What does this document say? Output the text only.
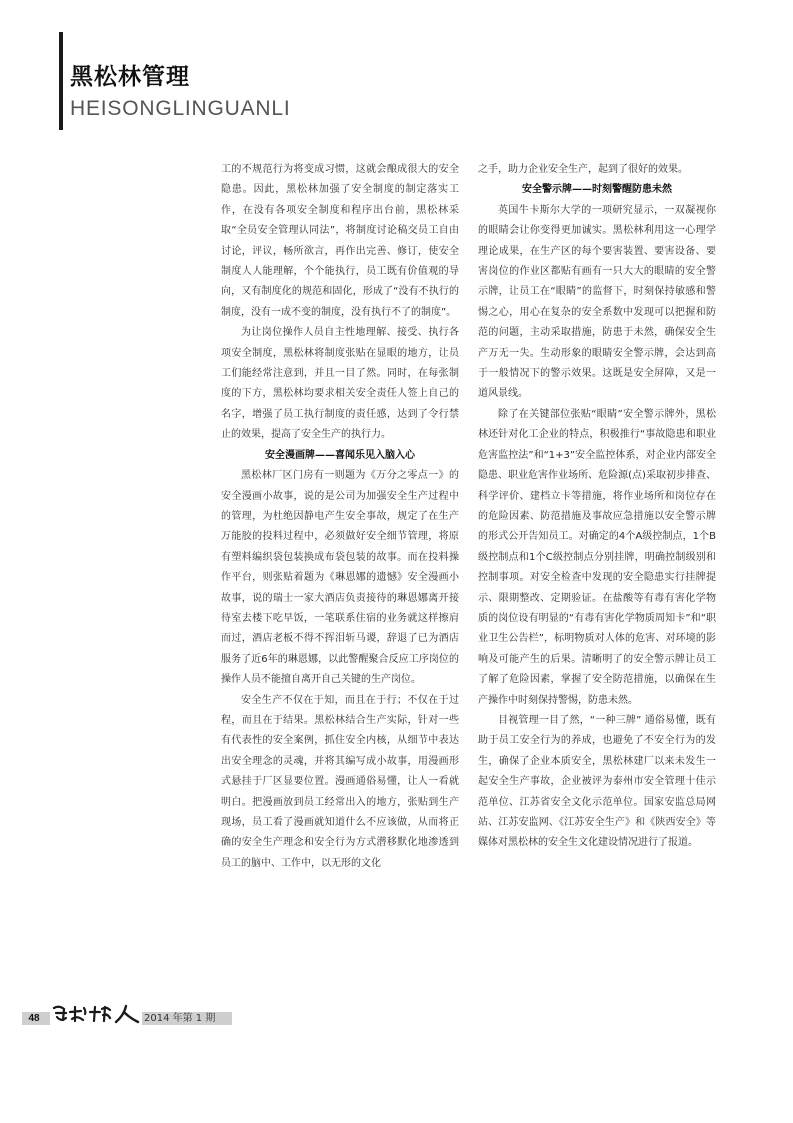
黑松林管理
HEISONGLINGUANLI

工的不规范行为将变成习惯，这就会酿成很大的安全隐患。因此，黑松林加强了安全制度的制定落实工作，在没有各项安全制度和程序出台前，黑松林采取“全员安全管理认同法”，将制度讨论稿交员工自由讨论，评议，畅所欲言，再作出完善、修订，使安全制度人人能理解，个个能执行，员工既有价值观的导向，又有制度化的规范和固化，形成了“没有不执行的制度，没有一成不变的制度，没有执行不了的制度”。

为让岗位操作人员自主性地理解、接受、执行各项安全制度，黑松林将制度张贴在显眼的地方，让员工们能经常注意到，并且一目了然。同时，在每张制度的下方，黑松林均要求相关安全责任人签上自己的名字，增强了员工执行制度的责任感，达到了令行禁止的效果，提高了安全生产的执行力。

安全漫画牌——喜闻乐见入脑入心

黑松林厂区门房有一则题为《万分之零点一》的安全漫画小故事，说的是公司为加强安全生产过程中的管理，为杜绝因静电产生安全事故，规定了在生产万能胶的投料过程中，必须做好安全细节管理，将原有塑料编织袋包装换成布袋包装的故事。而在投料操作平台，则张贴着题为《琳恩娜的遗憾》安全漫画小故事，说的瑞士一家大酒店负责接待的琳恩娜离开接待室去楼下吃早饭，一笔联系住宿的业务就这样擦肩而过，酒店老板不得不挥泪斩马谡，辞退了已为酒店服务了近6年的琳恩娜，以此警醒聚合反应工序岗位的操作人员不能擅自离开自己关键的生产岗位。

安全生产不仅在于知，而且在于行；不仅在于过程，而且在于结果。黑松林结合生产实际，针对一些有代表性的安全案例，抓住安全内核，从细节中表达出安全理念的灵魂，并将其编写成小故事，用漫画形式悬挂于厂区显要位置。漫画通俗易懂，让人一看就明白。把漫画放到员工经常出入的地方，张贴到生产现场，员工看了漫画就知道什么不应该做，从而将正确的安全生产理念和安全行为方式潜移默化地渗透到员工的脑中、工作中，以无形的文化

之手，助力企业安全生产，起到了很好的效果。

安全警示牌——时刻警醒防患未然

英国牛卡斯尔大学的一项研究显示，一双凝视你的眼睛会让你变得更加诚实。黑松林利用这一心理学理论成果，在生产区的每个要害装置、要害设备、要害岗位的作业区都贴有画有一只大大的眼睛的安全警示牌，让员工在“眼睛”的监督下，时刻保持敏感和警惕之心，用心在复杂的安全系数中发现可以把握和防范的问题，主动采取措施，防患于未然，确保安全生产万无一失。生动形象的眼睛安全警示牌，会达到高于一般情况下的警示效果。这既是安全屏障，又是一道风景线。

除了在关键部位张贴“眼睛”安全警示牌外，黑松林还针对化工企业的特点，积极推行“事故隐患和职业危害监控法”和“1+3”安全监控体系，对企业内部安全隐患、职业危害作业场所、危险源(点)采取初步排查、科学评价、建档立卡等措施，将作业场所和岗位存在的危险因素、防范措施及事故应急措施以安全警示牌的形式公开告知员工。对确定的4个A级控制点，1个B级控制点和1个C级控制点分别挂牌，明确控制级别和控制事项。对安全检查中发现的安全隐患实行挂牌提示、限期整改、定期验证。在盐酸等有毒有害化学物质的岗位设有明显的“有毒有害化学物质周知卡”和“职业卫生公告栏”，标明物质对人体的危害、对环境的影响及可能产生的后果。清晰明了的安全警示牌让员工了解了危险因素，掌握了安全防范措施，以确保在生产操作中时刻保持警惕，防患未然。

目视管理一目了然，“一种三牌” 通俗易懂，既有助于员工安全行为的养成，也避免了不安全行为的发生，确保了企业本质安全，黑松林建厂以来未发生一起安全生产事故，企业被评为泰州市安全管理十佳示范单位、江苏省安全文化示范单位。国家安监总局网站、江苏安监网、《江苏安全生产》和《陕西安全》等媒体对黑松林的安全生文化建设情况进行了报道。

48	2014 年第 1 期
